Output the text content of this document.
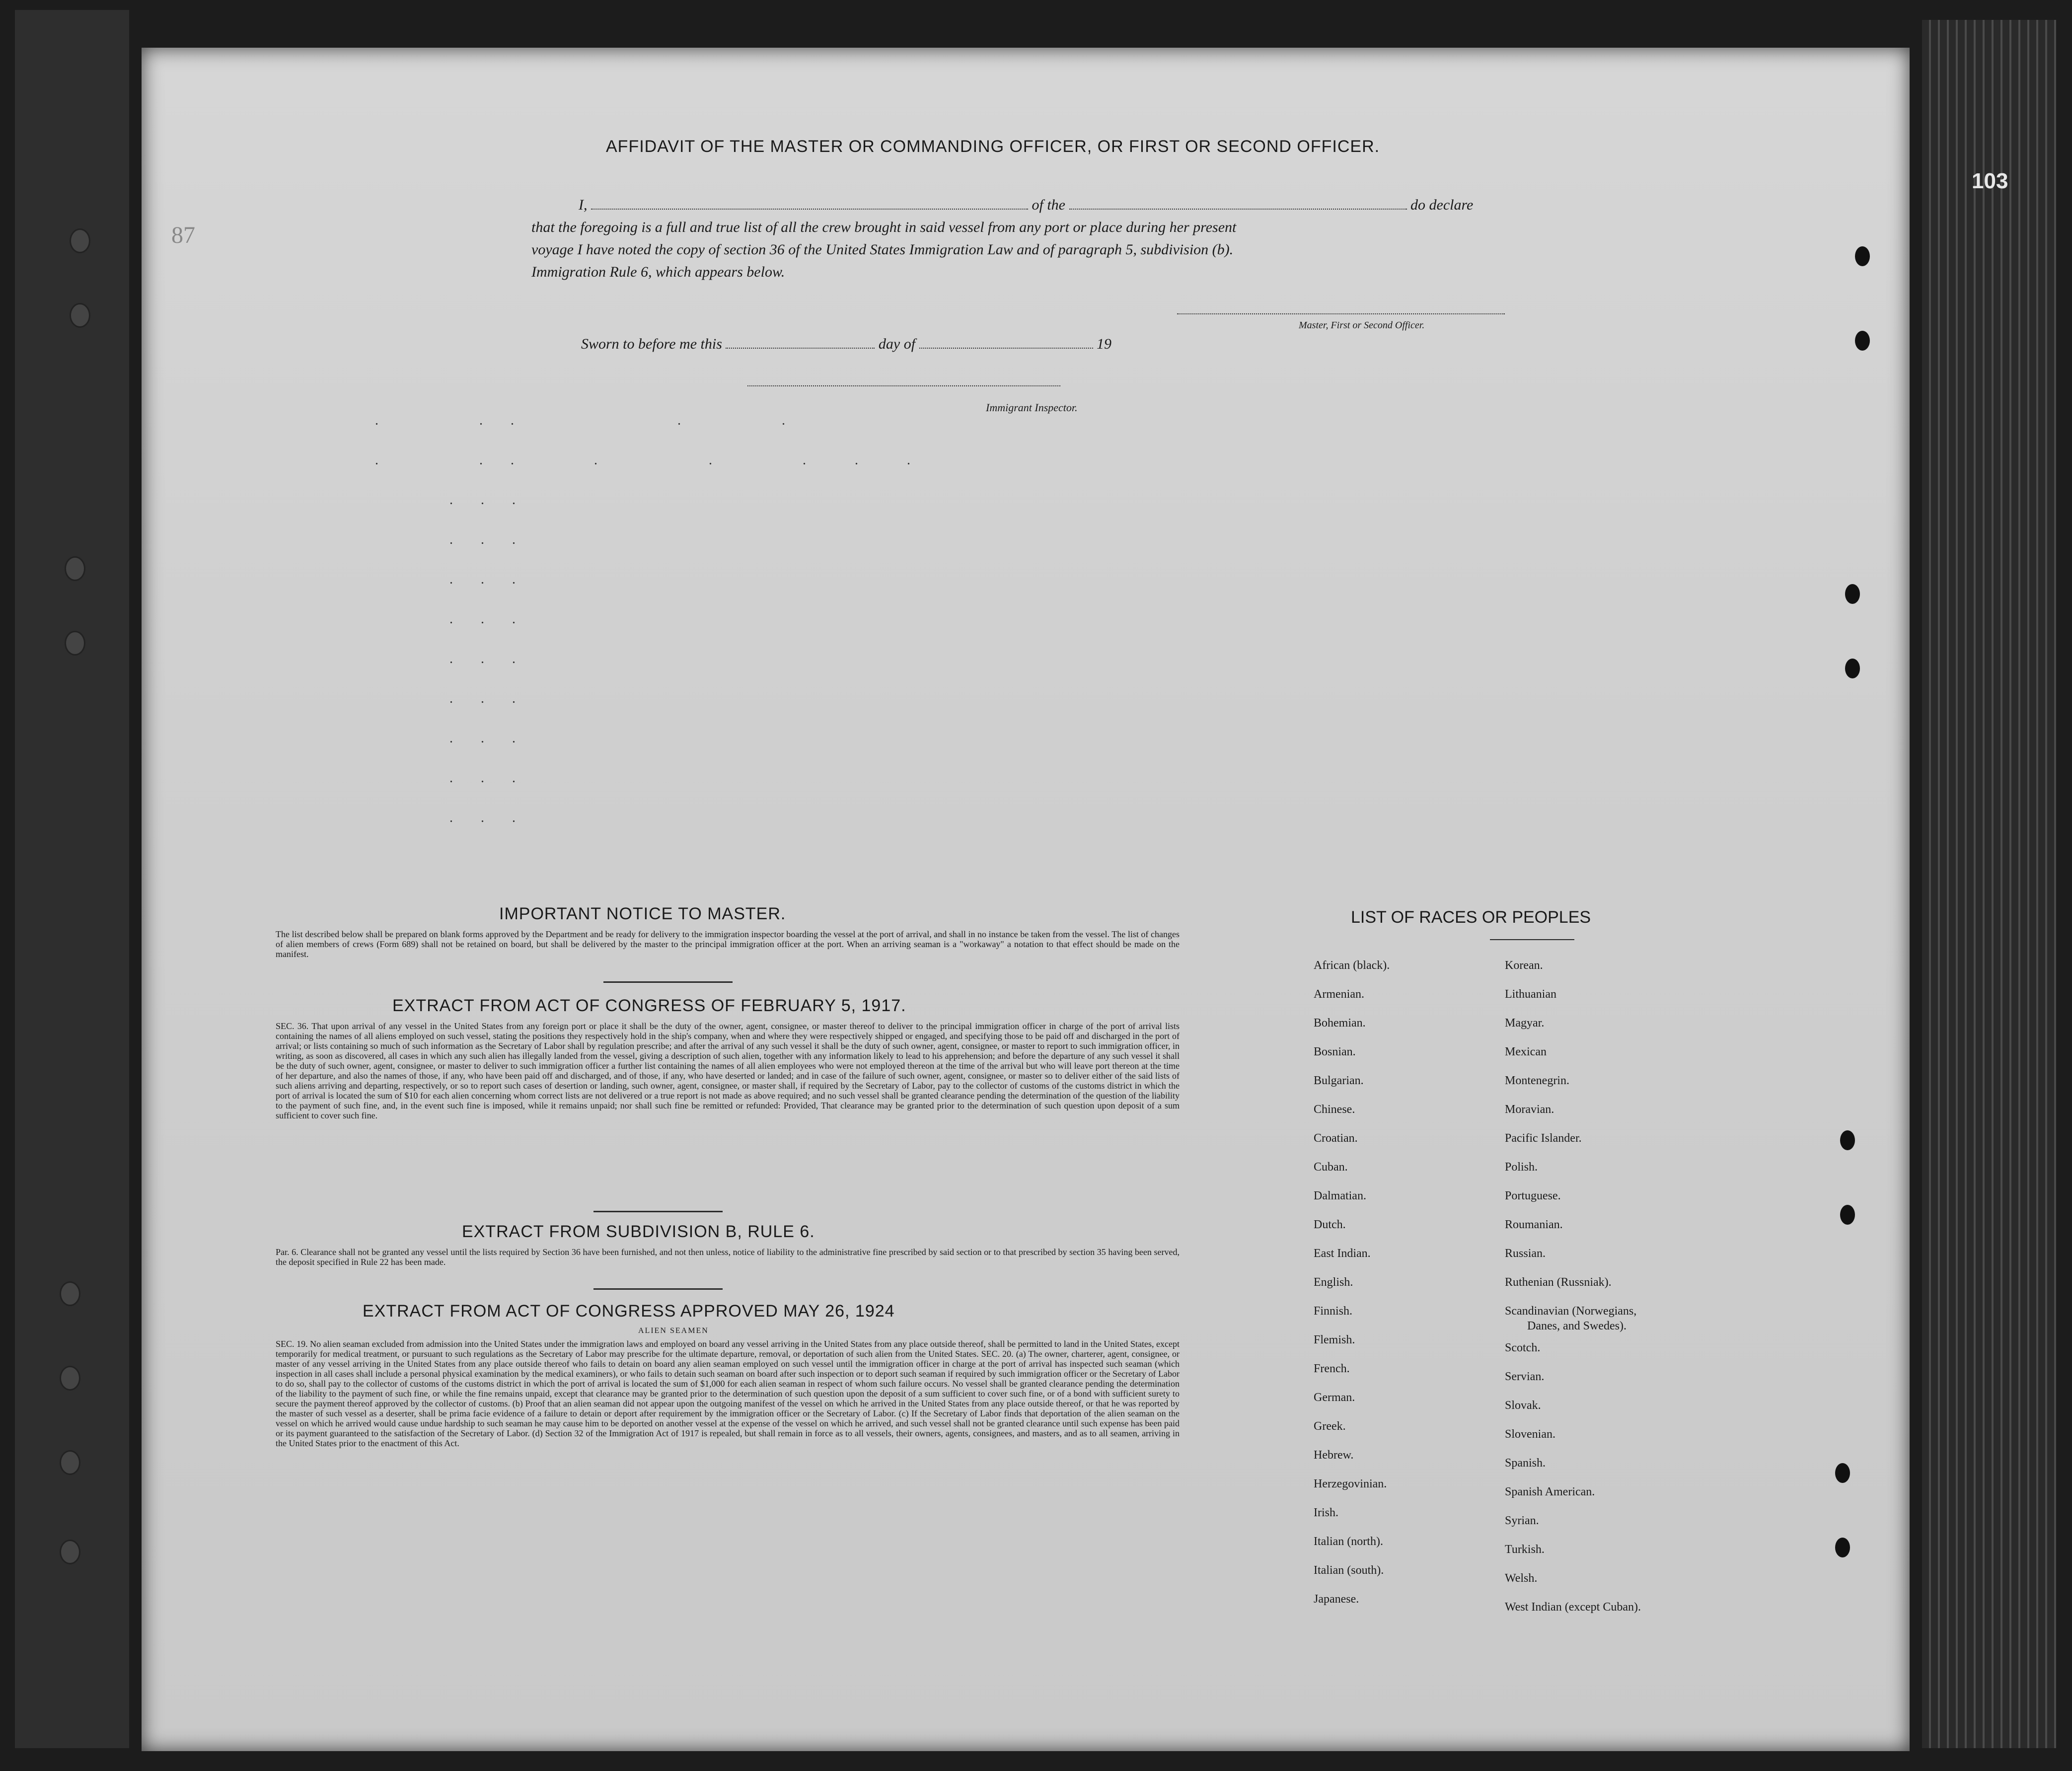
103
87
AFFIDAVIT OF THE MASTER OR COMMANDING OFFICER, OR FIRST OR SECOND OFFICER.
I,	of the	do declare
that the foregoing is a full and true list of all the crew brought in said vessel from any port or place during her present
voyage I have noted the copy of section 36 of the United States Immigration Law and of paragraph 5, subdivision (b).
Immigration Rule 6, which appears below.
Master, First or Second Officer.
Sworn to before me this	day of	19
Immigrant Inspector.
.         .  .               .         .
.         .  .       .          .        .    .    .
.  .  .
.  .  .
.  .  .
.  .  .
.  .  .
.  .  .
.  .  .
.  .  .
.  .  .
IMPORTANT NOTICE TO MASTER.
The list described below shall be prepared on blank forms approved by the Department and be ready for delivery to the immigration inspector boarding the vessel at the port of arrival, and shall in no instance be taken from the vessel. The list of changes of alien members of crews (Form 689) shall not be retained on board, but shall be delivered by the master to the principal immigration officer at the port. When an arriving seaman is a "workaway" a notation to that effect should be made on the manifest.
EXTRACT FROM ACT OF CONGRESS OF FEBRUARY 5, 1917.
SEC. 36. That upon arrival of any vessel in the United States from any foreign port or place it shall be the duty of the owner, agent, consignee, or master thereof to deliver to the principal immigration officer in charge of the port of arrival lists containing the names of all aliens employed on such vessel, stating the positions they respectively hold in the ship's company, when and where they were respectively shipped or engaged, and specifying those to be paid off and discharged in the port of arrival; or lists containing so much of such information as the Secretary of Labor shall by regulation prescribe; and after the arrival of any such vessel it shall be the duty of such owner, agent, consignee, or master to report to such immigration officer, in writing, as soon as discovered, all cases in which any such alien has illegally landed from the vessel, giving a description of such alien, together with any information likely to lead to his apprehension; and before the departure of any such vessel it shall be the duty of such owner, agent, consignee, or master to deliver to such immigration officer a further list containing the names of all alien employees who were not employed thereon at the time of the arrival but who will leave port thereon at the time of her departure, and also the names of those, if any, who have been paid off and discharged, and of those, if any, who have deserted or landed; and in case of the failure of such owner, agent, consignee, or master so to deliver either of the said lists of such aliens arriving and departing, respectively, or so to report such cases of desertion or landing, such owner, agent, consignee, or master shall, if required by the Secretary of Labor, pay to the collector of customs of the customs district in which the port of arrival is located the sum of $10 for each alien concerning whom correct lists are not delivered or a true report is not made as above required; and no such vessel shall be granted clearance pending the determination of the question of the liability to the payment of such fine, and, in the event such fine is imposed, while it remains unpaid; nor shall such fine be remitted or refunded: Provided, That clearance may be granted prior to the determination of such question upon deposit of a sum sufficient to cover such fine.
EXTRACT FROM SUBDIVISION B, RULE 6.
Par. 6. Clearance shall not be granted any vessel until the lists required by Section 36 have been furnished, and not then unless, notice of liability to the administrative fine prescribed by said section or to that prescribed by section 35 having been served, the deposit specified in Rule 22 has been made.
EXTRACT FROM ACT OF CONGRESS APPROVED MAY 26, 1924
ALIEN SEAMEN
SEC. 19. No alien seaman excluded from admission into the United States under the immigration laws and employed on board any vessel arriving in the United States from any place outside thereof, shall be permitted to land in the United States, except temporarily for medical treatment, or pursuant to such regulations as the Secretary of Labor may prescribe for the ultimate departure, removal, or deportation of such alien from the United States. SEC. 20. (a) The owner, charterer, agent, consignee, or master of any vessel arriving in the United States from any place outside thereof who fails to detain on board any alien seaman employed on such vessel until the immigration officer in charge at the port of arrival has inspected such seaman (which inspection in all cases shall include a personal physical examination by the medical examiners), or who fails to detain such seaman on board after such inspection or to deport such seaman if required by such immigration officer or the Secretary of Labor to do so, shall pay to the collector of customs of the customs district in which the port of arrival is located the sum of $1,000 for each alien seaman in respect of whom such failure occurs. No vessel shall be granted clearance pending the determination of the liability to the payment of such fine, or while the fine remains unpaid, except that clearance may be granted prior to the determination of such question upon the deposit of a sum sufficient to cover such fine, or of a bond with sufficient surety to secure the payment thereof approved by the collector of customs. (b) Proof that an alien seaman did not appear upon the outgoing manifest of the vessel on which he arrived in the United States from any place outside thereof, or that he was reported by the master of such vessel as a deserter, shall be prima facie evidence of a failure to detain or deport after requirement by the immigration officer or the Secretary of Labor. (c) If the Secretary of Labor finds that deportation of the alien seaman on the vessel on which he arrived would cause undue hardship to such seaman he may cause him to be deported on another vessel at the expense of the vessel on which he arrived, and such vessel shall not be granted clearance until such expense has been paid or its payment guaranteed to the satisfaction of the Secretary of Labor. (d) Section 32 of the Immigration Act of 1917 is repealed, but shall remain in force as to all vessels, their owners, agents, consignees, and masters, and as to all seamen, arriving in the United States prior to the enactment of this Act.
LIST OF RACES OR PEOPLES
African (black).
Armenian.
Bohemian.
Bosnian.
Bulgarian.
Chinese.
Croatian.
Cuban.
Dalmatian.
Dutch.
East Indian.
English.
Finnish.
Flemish.
French.
German.
Greek.
Hebrew.
Herzegovinian.
Irish.
Italian (north).
Italian (south).
Japanese.
Korean.
Lithuanian
Magyar.
Mexican
Montenegrin.
Moravian.
Pacific Islander.
Polish.
Portuguese.
Roumanian.
Russian.
Ruthenian (Russniak).
Scandinavian (Norwegians,
Danes, and Swedes).
Scotch.
Servian.
Slovak.
Slovenian.
Spanish.
Spanish American.
Syrian.
Turkish.
Welsh.
West Indian (except Cuban).
